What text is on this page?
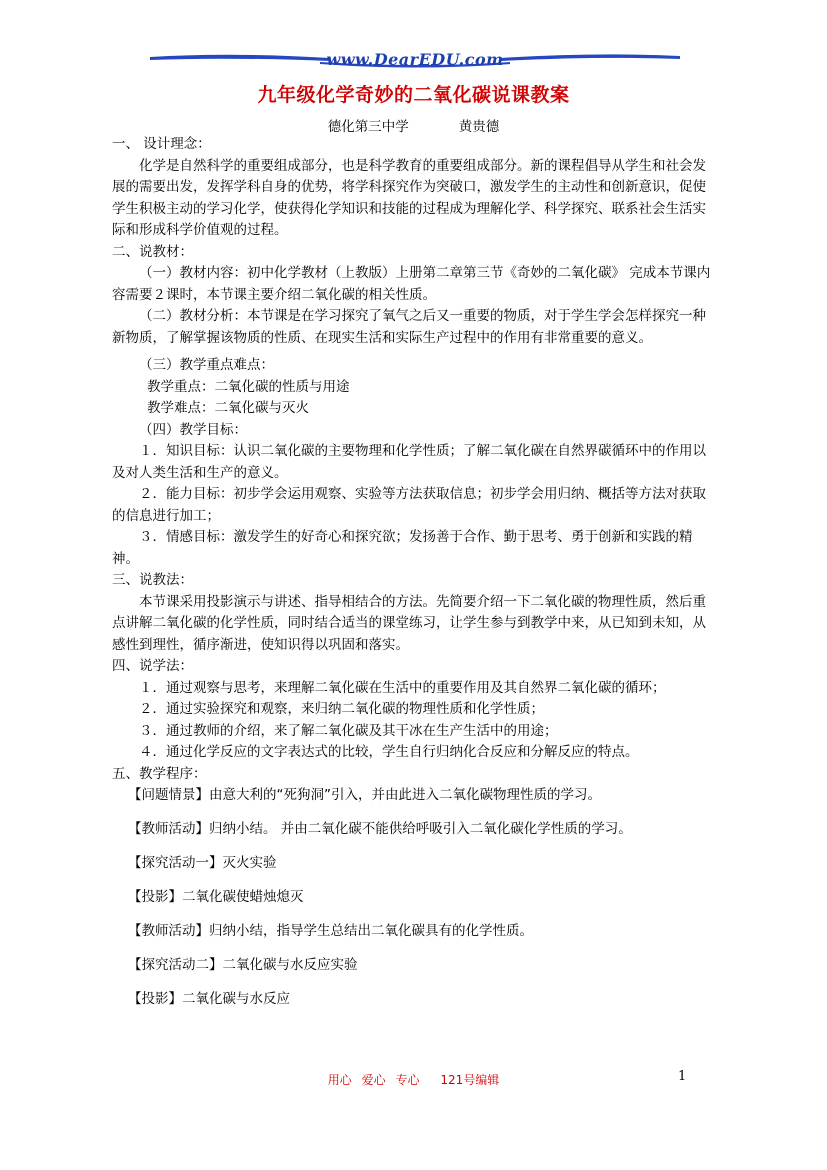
www.DearEDU.com
九年级化学奇妙的二氧化碳说课教案
德化第三中学	黄贵德

一、 设计理念：

化学是自然科学的重要组成部分，也是科学教育的重要组成部分。新的课程倡导从学生和社会发展的需要出发，发挥学科自身的优势，将学科探究作为突破口，激发学生的主动性和创新意识，促使学生积极主动的学习化学，使获得化学知识和技能的过程成为理解化学、科学探究、联系社会生活实际和形成科学价值观的过程。

二、说教材：

（一）教材内容：初中化学教材（上教版）上册第二章第三节《奇妙的二氧化碳》 完成本节课内容需要２课时，本节课主要介绍二氧化碳的相关性质。

（二）教材分析：本节课是在学习探究了氧气之后又一重要的物质，对于学生学会怎样探究一种新物质，了解掌握该物质的性质、在现实生活和实际生产过程中的作用有非常重要的意义。

（三）教学重点难点：

教学重点：二氧化碳的性质与用途

教学难点：二氧化碳与灭火

（四）教学目标：

１．知识目标：认识二氧化碳的主要物理和化学性质；了解二氧化碳在自然界碳循环中的作用以及对人类生活和生产的意义。

２．能力目标：初步学会运用观察、实验等方法获取信息；初步学会用归纳、概括等方法对获取的信息进行加工；

３．情感目标：激发学生的好奇心和探究欲；发扬善于合作、勤于思考、勇于创新和实践的精神。

三、说教法：

本节课采用投影演示与讲述、指导相结合的方法。先简要介绍一下二氧化碳的物理性质，然后重点讲解二氧化碳的化学性质，同时结合适当的课堂练习，让学生参与到教学中来，从已知到未知，从感性到理性，循序渐进，使知识得以巩固和落实。

四、说学法：

１．通过观察与思考，来理解二氧化碳在生活中的重要作用及其自然界二氧化碳的循环；

２．通过实验探究和观察，来归纳二氧化碳的物理性质和化学性质；

３．通过教师的介绍，来了解二氧化碳及其干冰在生产生活中的用途；

４．通过化学反应的文字表达式的比较，学生自行归纳化合反应和分解反应的特点。

五、教学程序：

【问题情景】由意大利的“死狗洞”引入，并由此进入二氧化碳物理性质的学习。

【教师活动】归纳小结。 并由二氧化碳不能供给呼吸引入二氧化碳化学性质的学习。

【探究活动一】灭火实验

【投影】二氧化碳使蜡烛熄灭

【教师活动】归纳小结，指导学生总结出二氧化碳具有的化学性质。

【探究活动二】二氧化碳与水反应实验

【投影】二氧化碳与水反应

用心 爱心 专心 121号编辑	1
